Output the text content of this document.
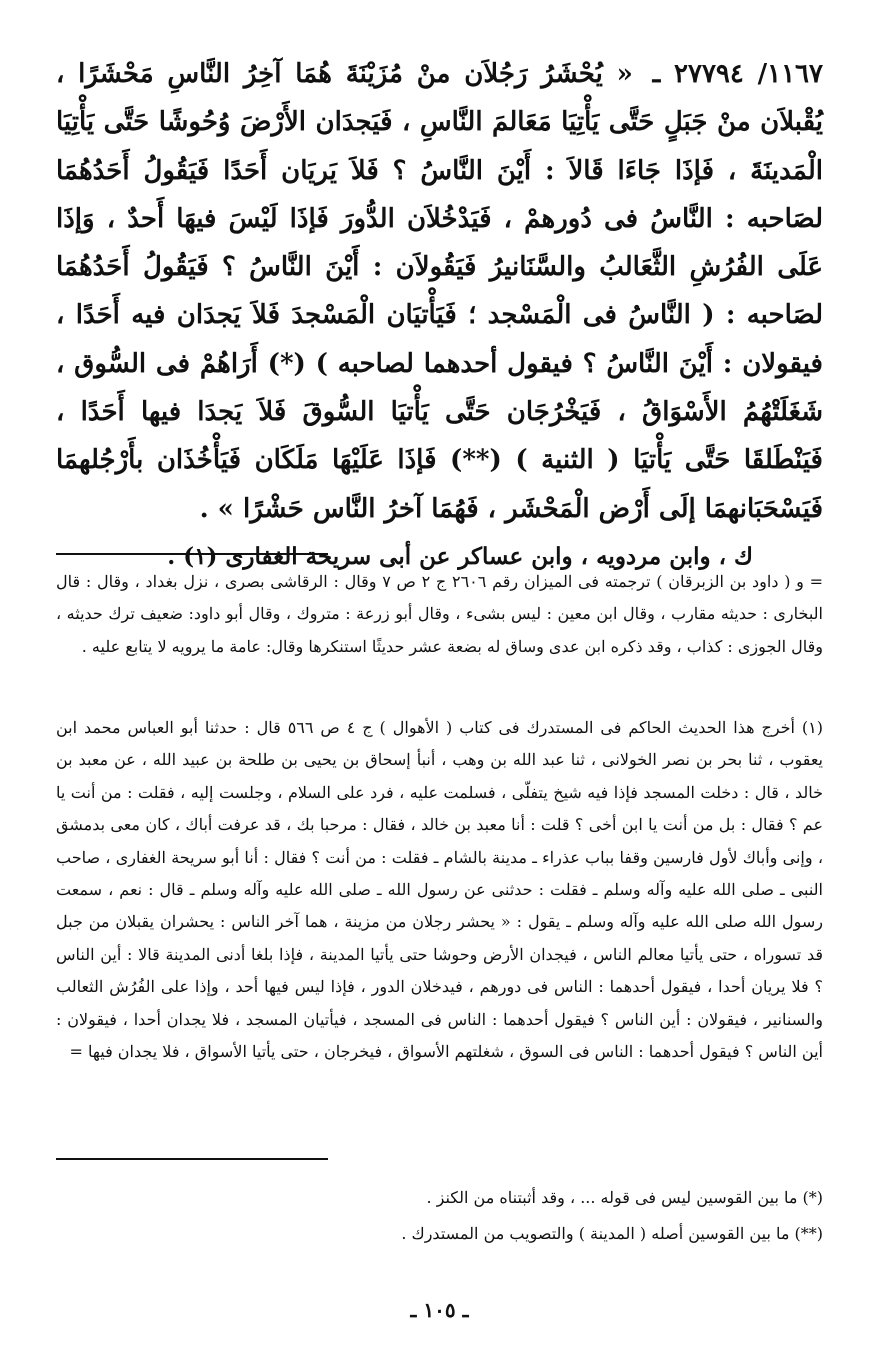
١١٦٧/ ٢٧٧٩٤ ـ « يُحْشَرُ رَجُلاَن منْ مُزَيْنَةَ هُمَا آخِرُ النَّاسِ مَحْشَرًا ، يُقْبلاَن منْ جَبَلٍ حَتَّى يَأْتِيَا مَعَالمَ النَّاسِ ، فَيَجدَان الأَرْضَ وُحُوشًا حَتَّى يَأْتِيَا الْمَدينَةَ ، فَإذَا جَاءَا قَالاَ : أَيْنَ النَّاسُ ؟ فَلاَ يَريَان أَحَدًا فَيَقُولُ أَحَدُهُمَا لصَاحبه : النَّاسُ فى دُورهمْ ، فَيَدْخُلاَن الدُّورَ فَإذَا لَيْسَ فيهَا أَحدٌ ، وَإذَا عَلَى الفُرُشِ الثَّعَالبُ والسَّنَانيرُ فَيَقُولاَن : أَيْنَ النَّاسُ ؟ فَيَقُولُ أَحَدُهُمَا لصَاحبه : ( النَّاسُ فى الْمَسْجد ؛ فَيَأْتيَان الْمَسْجدَ فَلاَ يَجدَان فيه أَحَدًا ، فيقولان : أَيْنَ النَّاسُ ؟ فيقول أحدهما لصاحبه ) (*) أَرَاهُمْ فى السُّوق ، شَغَلَتْهُمُ الأَسْوَاقُ ، فَيَخْرُجَان حَتَّى يَأْتيَا السُّوقَ فَلاَ يَجدَا فيها أَحَدًا ، فَيَنْطَلقَا حَتَّى يَأْتيَا ( الثنية ) (**) فَإذَا عَلَيْهَا مَلَكَان فَيَأْخُذَان بأَرْجُلهمَا فَيَسْحَبَانهمَا إلَى أَرْض الْمَحْشَر ، فَهُمَا آخرُ النَّاس حَشْرًا » .

ك ، وابن مردويه ، وابن عساكر عن أبى سريحة الغفارى (١) .

= و ( داود بن الزبرقان ) ترجمته فى الميزان رقم ٢٦٠٦ ج ٢ ص ٧ وقال : الرقاشى بصرى ، نزل بغداد ، وقال : قال البخارى : حديثه مقارب ، وقال ابن معين : ليس بشىء ، وقال أبو زرعة : متروك ، وقال أبو داود: ضعيف ترك حديثه ، وقال الجوزى : كذاب ، وقد ذكره ابن عدى وساق له بضعة عشر حديثًا استنكرها وقال: عامة ما يرويه لا يتابع عليه .

(١) أخرج هذا الحديث الحاكم فى المستدرك فى كتاب ( الأهوال ) ج ٤ ص ٥٦٦ قال : حدثنا أبو العباس محمد ابن يعقوب ، ثنا بحر بن نصر الخولانى ، ثنا عبد الله بن وهب ، أنبأ إسحاق بن يحيى بن طلحة بن عبيد الله ، عن معبد بن خالد ، قال : دخلت المسجد فإذا فيه شيخ يتفلّى ، فسلمت عليه ، فرد على السلام ، وجلست إليه ، فقلت : من أنت يا عم ؟ فقال : بل من أنت يا ابن أخى ؟ قلت : أنا معبد بن خالد ، فقال : مرحبا بك ، قد عرفت أباك ، كان معى بدمشق ، وإنى وأباك لأول فارسين وقفا بباب عذراء ـ مدينة بالشام ـ فقلت : من أنت ؟ فقال : أنا أبو سريحة الغفارى ، صاحب النبى ـ صلى الله عليه وآله وسلم ـ فقلت : حدثنى عن رسول الله ـ صلى الله عليه وآله وسلم ـ قال : نعم ، سمعت رسول الله صلى الله عليه وآله وسلم ـ يقول : « يحشر رجلان من مزينة ، هما آخر الناس : يحشران يقبلان من جبل قد تسوراه ، حتى يأتيا معالم الناس ، فيجدان الأرض وحوشا حتى يأتيا المدينة ، فإذا بلغا أدنى المدينة قالا : أين الناس ؟ فلا يريان أحدا ، فيقول أحدهما : الناس فى دورهم ، فيدخلان الدور ، فإذا ليس فيها أحد ، وإذا على الفُرُش الثعالب والسنانير ، فيقولان : أين الناس ؟ فيقول أحدهما : الناس فى المسجد ، فيأتيان المسجد ، فلا يجدان أحدا ، فيقولان : أين الناس ؟ فيقول أحدهما : الناس فى السوق ، شغلتهم الأسواق ، فيخرجان ، حتى يأتيا الأسواق ، فلا يجدان فيها =

(*) ما بين القوسين ليس فى قوله ... ، وقد أثبتناه من الكنز .

(**) ما بين القوسين أصله ( المدينة ) والتصويب من المستدرك .

ـ ١٠٥ ـ
